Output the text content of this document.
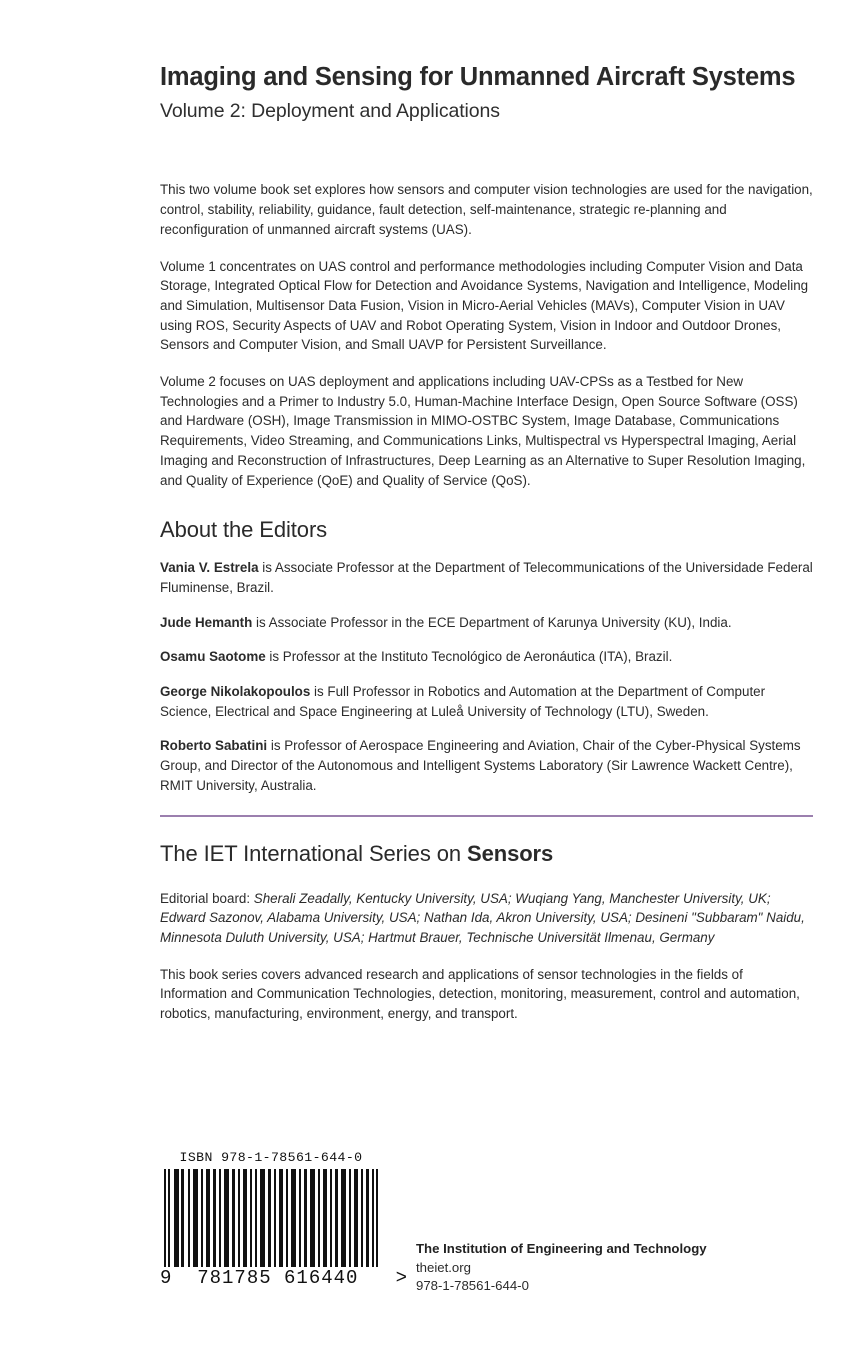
Imaging and Sensing for Unmanned Aircraft Systems
Volume 2: Deployment and Applications

This two volume book set explores how sensors and computer vision technologies are used for the navigation, control, stability, reliability, guidance, fault detection, self-maintenance, strategic re-planning and reconfiguration of unmanned aircraft systems (UAS).

Volume 1 concentrates on UAS control and performance methodologies including Computer Vision and Data Storage, Integrated Optical Flow for Detection and Avoidance Systems, Navigation and Intelligence, Modeling and Simulation, Multisensor Data Fusion, Vision in Micro-Aerial Vehicles (MAVs), Computer Vision in UAV using ROS, Security Aspects of UAV and Robot Operating System, Vision in Indoor and Outdoor Drones, Sensors and Computer Vision, and Small UAVP for Persistent Surveillance.

Volume 2 focuses on UAS deployment and applications including UAV-CPSs as a Testbed for New Technologies and a Primer to Industry 5.0, Human-Machine Interface Design, Open Source Software (OSS) and Hardware (OSH), Image Transmission in MIMO-OSTBC System, Image Database, Communications Requirements, Video Streaming, and Communications Links, Multispectral vs Hyperspectral Imaging, Aerial Imaging and Reconstruction of Infrastructures, Deep Learning as an Alternative to Super Resolution Imaging, and Quality of Experience (QoE) and Quality of Service (QoS).

About the Editors

Vania V. Estrela is Associate Professor at the Department of Telecommunications of the Universidade Federal Fluminense, Brazil.

Jude Hemanth is Associate Professor in the ECE Department of Karunya University (KU), India.

Osamu Saotome is Professor at the Instituto Tecnológico de Aeronáutica (ITA), Brazil.

George Nikolakopoulos is Full Professor in Robotics and Automation at the Department of Computer Science, Electrical and Space Engineering at Luleå University of Technology (LTU), Sweden.

Roberto Sabatini is Professor of Aerospace Engineering and Aviation, Chair of the Cyber-Physical Systems Group, and Director of the Autonomous and Intelligent Systems Laboratory (Sir Lawrence Wackett Centre), RMIT University, Australia.

The IET International Series on Sensors

Editorial board: Sherali Zeadally, Kentucky University, USA; Wuqiang Yang, Manchester University, UK; Edward Sazonov, Alabama University, USA; Nathan Ida, Akron University, USA; Desineni "Subbaram" Naidu, Minnesota Duluth University, USA; Hartmut Brauer, Technische Universität Ilmenau, Germany

This book series covers advanced research and applications of sensor technologies in the fields of Information and Communication Technologies, detection, monitoring, measurement, control and automation, robotics, manufacturing, environment, energy, and transport.

ISBN 978-1-78561-644-0

9  781785 616440   >

The Institution of Engineering and Technology

theiet.org

978-1-78561-644-0
